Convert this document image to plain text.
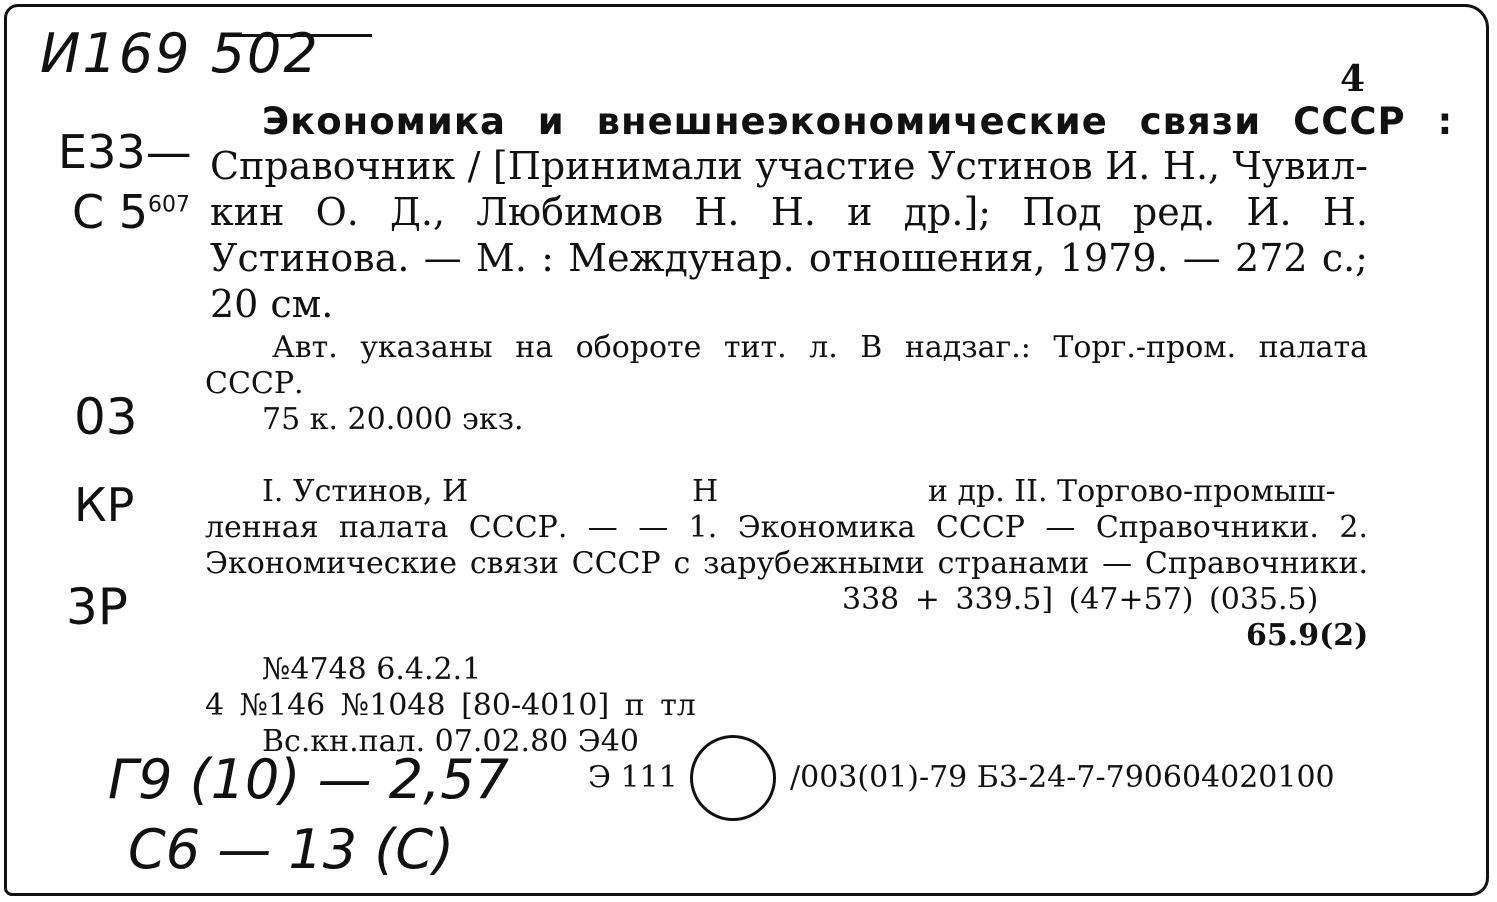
И169 502
Е33—
С $5^{607}$
03
КР
3Р
Г9 (10) — 2,57
С6 — 13 (С)
4
Экономика и внешнеэкономические связи СССР :
Справочник / [Принимали участие Устинов И. Н., Чувил-
кин О. Д., Любимов Н. Н. и др.]; Под ред. И. Н.
Устинова. — М. : Междунар. отношения, 1979. — 272 с.;
20 см.
Авт. указаны на обороте тит. л. В надзаг.: Торг.-пром. палата
СССР.
75 к. 20.000 экз.
I. Устинов, И	Н	и др. II. Торгово-промыш-
ленная палата СССР. — — 1. Экономика СССР — Справочники. 2.
Экономические связи СССР с зарубежными странами — Справочники.
338 + 339.5] (47+57) (035.5)
65.9(2)
№4748 6.4.2.1
4 №146 №1048 [80-4010] п тл
Вс.кн.пал. 07.02.80 Э40
Э 111	/003(01)-79 Б3-24-7-790604020100
